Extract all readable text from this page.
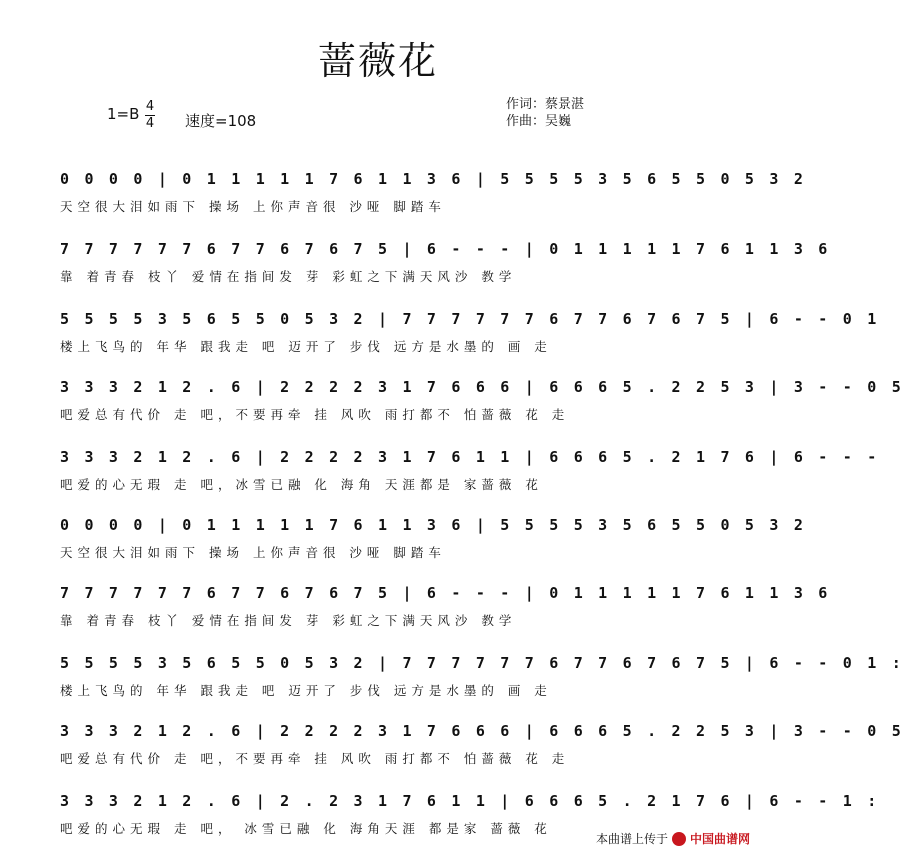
蔷薇花
1=B 4
4 速度=108
作词：蔡景湛
作曲：吴巍
0 0 0 0 | 0 1 1 1 1 1 7 6 1 1 3 6 | 5 5 5 5 3 5 6 5 5 0 5 3 2
天空很大泪如雨下 操场 上你声音很 沙哑 脚踏车
7 7 7 7 7 7 6 7 7 6 7 6 7 5 | 6 - - - | 0 1 1 1 1 1 7 6 1 1 3 6
靠 着青春 枝丫 爱情在指间发 芽 彩虹之下满天风沙 教学
5 5 5 5 3 5 6 5 5 0 5 3 2 | 7 7 7 7 7 7 6 7 7 6 7 6 7 5 | 6 - - 0 1
楼上飞鸟的 年华 跟我走 吧 迈开了 步伐 远方是水墨的 画 走
3 3 3 2 1 2 . 6 | 2 2 2 2 3 1 7 6 6 6 | 6 6 6 5 . 2 2 5 3 | 3 - - 0 5
吧爱总有代价 走 吧，不要再牵 挂 风吹 雨打都不 怕蔷薇 花 走
3 3 3 2 1 2 . 6 | 2 2 2 2 3 1 7 6 1 1 | 6 6 6 5 . 2 1 7 6 | 6 - - -
吧爱的心无瑕 走 吧，冰雪已融 化 海角 天涯都是 家蔷薇 花
0 0 0 0 | 0 1 1 1 1 1 7 6 1 1 3 6 | 5 5 5 5 3 5 6 5 5 0 5 3 2
天空很大泪如雨下 操场 上你声音很 沙哑 脚踏车
7 7 7 7 7 7 6 7 7 6 7 6 7 5 | 6 - - - | 0 1 1 1 1 1 7 6 1 1 3 6
靠 着青春 枝丫 爱情在指间发 芽 彩虹之下满天风沙 教学
5 5 5 5 3 5 6 5 5 0 5 3 2 | 7 7 7 7 7 7 6 7 7 6 7 6 7 5 | 6 - - 0 1 :
楼上飞鸟的 年华 跟我走 吧 迈开了 步伐 远方是水墨的 画 走
3 3 3 2 1 2 . 6 | 2 2 2 2 3 1 7 6 6 6 | 6 6 6 5 . 2 2 5 3 | 3 - - 0 5
吧爱总有代价 走 吧，不要再牵 挂 风吹 雨打都不 怕蔷薇 花 走
3 3 3 2 1 2 . 6 | 2 . 2 3 1 7 6 1 1 | 6 6 6 5 . 2 1 7 6 | 6 - - 1 :
吧爱的心无瑕 走 吧， 冰雪已融 化 海角天涯 都是家 蔷薇 花
本曲谱上传于 中国曲谱网
